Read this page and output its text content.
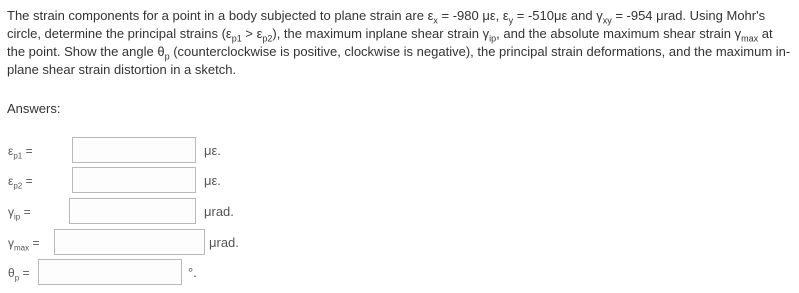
The strain components for a point in a body subjected to plane strain are $\varepsilon_x = -980$ με, $\varepsilon_y = -510\mu\varepsilon$ and $\gamma_{xy} = -954$ μrad. Using Mohr's circle, determine the principal strains $(\varepsilon_{p1} > \varepsilon_{p2})$, the maximum inplane shear strain $\gamma_{ip}$, and the absolute maximum shear strain $\gamma_{max}$ at the point. Show the angle $\theta_p$ (counterclockwise is positive, clockwise is negative), the principal strain deformations, and the maximum in-plane shear strain distortion in a sketch.
Answers:
$\varepsilon_{p1}$ =	με.
$\varepsilon_{p2}$ =	με.
$\gamma_{ip}$ =	μrad.
$\gamma_{max}$ =	μrad.
$\theta_p$ =	°.
